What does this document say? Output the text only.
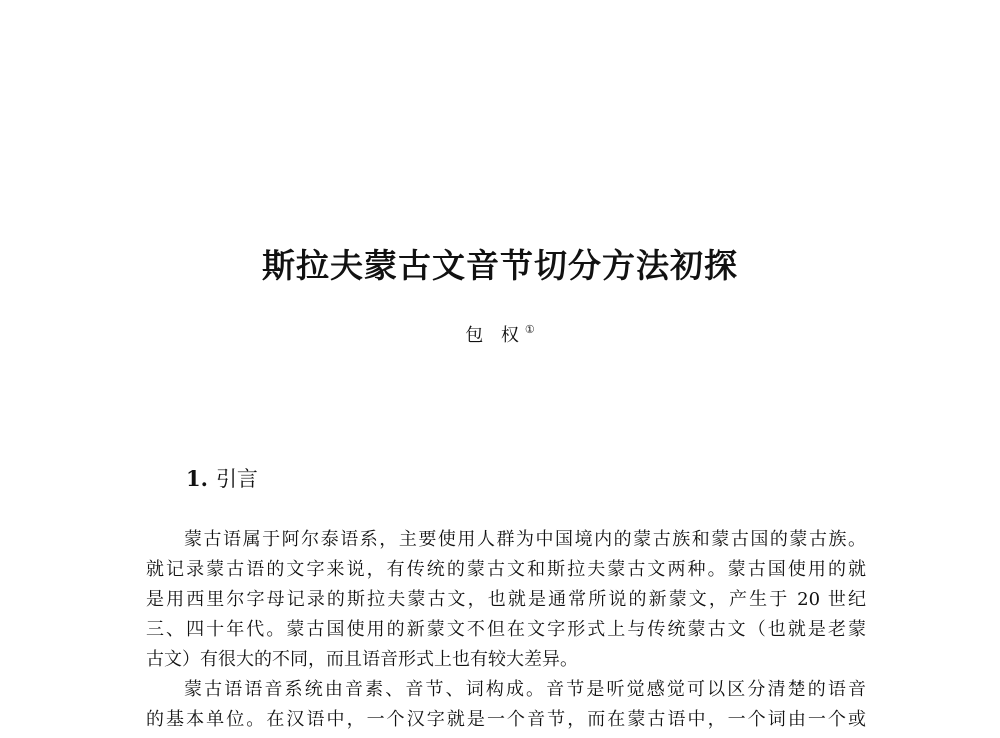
斯拉夫蒙古文音节切分方法初探
包 权①
1. 引言
蒙古语属于阿尔泰语系，主要使用人群为中国境内的蒙古族和蒙古国的蒙古族。
就记录蒙古语的文字来说，有传统的蒙古文和斯拉夫蒙古文两种。蒙古国使用的就
是用西里尔字母记录的斯拉夫蒙古文，也就是通常所说的新蒙文，产生于 20 世纪
三、四十年代。蒙古国使用的新蒙文不但在文字形式上与传统蒙古文（也就是老蒙
古文）有很大的不同，而且语音形式上也有较大差异。
蒙古语语音系统由音素、音节、词构成。音节是听觉感觉可以区分清楚的语音
的基本单位。在汉语中，一个汉字就是一个音节，而在蒙古语中，一个词由一个或
